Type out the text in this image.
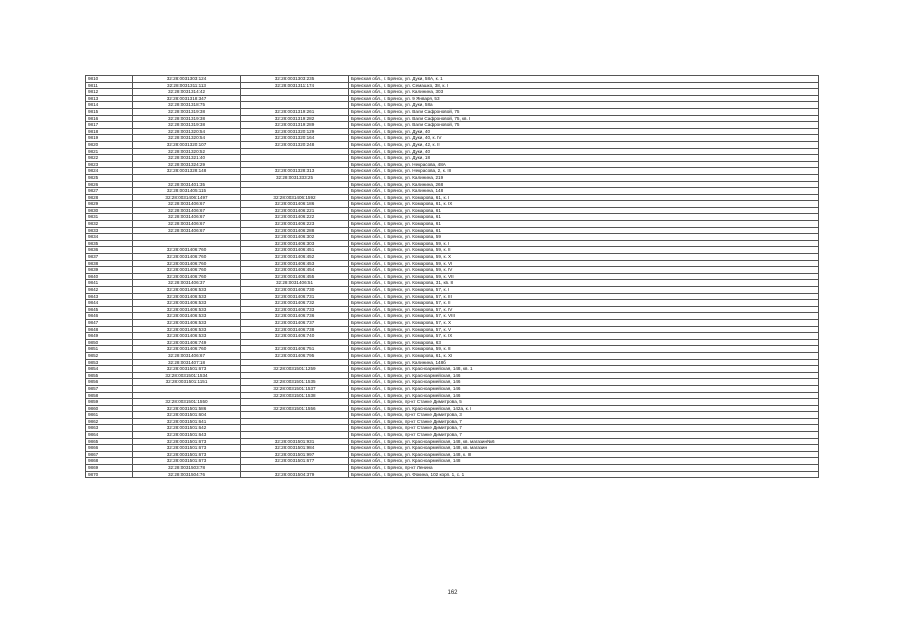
9810	32:28:0031303:124	32:28:0031303:235	Брянская обл., г. Брянск, ул. Дуки, 58А, к. 1
9811	32:28:0031311:113	32:28:0031311:174	Брянская обл., г. Брянск, ул. Семашко, 38, к. I
9812	32:28:0031314:42		Брянская обл., г. Брянск, ул. Калинина, 303
9813	32:28:0031318:347		Брянская обл., г. Брянск, ул. 9 Января, 53
9814	32:28:0031318:75		Брянская обл., г. Брянск, ул. Дуки, 58а
9815	32:28:0031319:38	32:28:0031319:261	Брянская обл., г. Брянск, ул. Вали Сафроновой, 75
9816	32:28:0031319:38	32:28:0031319:282	Брянская обл., г. Брянск, ул. Вали Сафроновой, 75, кв. I
9817	32:28:0031319:38	32:28:0031319:289	Брянская обл., г. Брянск, ул. Вали Сафроновой, 75
9818	32:28:0031320:54	32:28:0031320:129	Брянская обл., г. Брянск, ул. Дуки, 40
9819	32:28:0031320:54	32:28:0031320:164	Брянская обл., г. Брянск, ул. Дуки, 40, к. IV
9820	32:28:0031320:107	32:28:0031320:248	Брянская обл., г. Брянск, ул. Дуки, 42, к. II
9821	32:28:0031320:52		Брянская обл., г. Брянск, ул. Дуки, 40
9822	32:28:0031321:40		Брянская обл., г. Брянск, ул. Дуки, 18
9823	32:28:0031324:29		Брянская обл., г. Брянск, ул. Некрасова, 48А
9824	32:28:0031328:148	32:28:0031328:313	Брянская обл., г. Брянск, ул. Некрасова, 2, к. III
9825		32:28:0031333:25	Брянская обл., г. Брянск, ул. Калинина, 219
9826	32:28:0031401:35		Брянская обл., г. Брянск, ул. Калинина, 268
9827	32:28:0031405:115		Брянская обл., г. Брянск, ул. Калинина, 148
9828	32:28:0031406:1497	32:28:0031406:1592	Брянская обл., г. Брянск, ул. Комарова, 61, к. I
9829	32:28:0031406:67	32:28:0031406:186	Брянская обл., г. Брянск, ул. Комарова, 61, к. IX
9830	32:28:0031406:67	32:28:0031406:221	Брянская обл., г. Брянск, ул. Комарова, 61
9831	32:28:0031406:67	32:28:0031406:222	Брянская обл., г. Брянск, ул. Комарова, 61
9832	32:28:0031406:67	32:28:0031406:223	Брянская обл., г. Брянск, ул. Комарова, 61
9833	32:28:0031406:67	32:28:0031406:288	Брянская обл., г. Брянск, ул. Комарова, 61
9834		32:28:0031406:302	Брянская обл., г. Брянск, ул. Комарова, 59
9835		32:28:0031406:303	Брянская обл., г. Брянск, ул. Комарова, 59, к. I
9836	32:28:0031406:760	32:28:0031406:451	Брянская обл., г. Брянск, ул. Комарова, 59, к. II
9837	32:28:0031406:760	32:28:0031406:452	Брянская обл., г. Брянск, ул. Комарова, 59, к. X
9838	32:28:0031406:760	32:28:0031406:453	Брянская обл., г. Брянск, ул. Комарова, 59, к. VI
9839	32:28:0031406:760	32:28:0031406:454	Брянская обл., г. Брянск, ул. Комарова, 59, к. IV
9840	32:28:0031406:760	32:28:0031406:455	Брянская обл., г. Брянск, ул. Комарова, 59, к. VII
9841	32:28:0031406:37	32:28:0031406:51	Брянская обл., г. Брянск, ул. Комарова, 31, кв. 8
9842	32:28:0031406:533	32:28:0031406:730	Брянская обл., г. Брянск, ул. Комарова, 57, к. I
9843	32:28:0031406:533	32:28:0031406:731	Брянская обл., г. Брянск, ул. Комарова, 57, к. III
9844	32:28:0031406:533	32:28:0031406:732	Брянская обл., г. Брянск, ул. Комарова, 57, к. II
9845	32:28:0031406:533	32:28:0031406:733	Брянская обл., г. Брянск, ул. Комарова, 57, к. IV
9846	32:28:0031406:533	32:28:0031406:736	Брянская обл., г. Брянск, ул. Комарова, 57, к. VIII
9847	32:28:0031406:533	32:28:0031406:737	Брянская обл., г. Брянск, ул. Комарова, 57, к. X
9848	32:28:0031406:533	32:28:0031406:738	Брянская обл., г. Брянск, ул. Комарова, 57, к. V
9849	32:28:0031406:533	32:28:0031406:740	Брянская обл., г. Брянск, ул. Комарова, 57, к. IX
9850	32:28:0031406:749		Брянская обл., г. Брянск, ул. Комарова, 63
9851	32:28:0031406:760	32:28:0031406:751	Брянская обл., г. Брянск, ул. Комарова, 59, к. 8
9852	32:28:0031406:67	32:28:0031406:795	Брянская обл., г. Брянск, ул. Комарова, 61, к. XI
9853	32:28:0031407:18		Брянская обл., г. Брянск, ул. Калинина, 148б
9854	32:28:0031501:673	32:28:0031501:1259	Брянская обл., г. Брянск, ул. Красноармейская, 148, кв. 1
9855	32:28:0031501:1534		Брянская обл., г. Брянск, ул. Красноармейская, 146
9856	32:28:0031501:1151	32:28:0031501:1535	Брянская обл., г. Брянск, ул. Красноармейская, 146
9857		32:28:0031501:1537	Брянская обл., г. Брянск, ул. Красноармейская, 146
9858		32:28:0031501:1538	Брянская обл., г. Брянск, ул. Красноармейская, 146
9859	32:28:0031501:1550		Брянская обл., г. Брянск, пр-кт Станке Димитрова, 5
9860	32:28:0031501:586	32:28:0031501:1556	Брянская обл., г. Брянск, ул. Красноармейская, 142а, к. I
9861	32:28:0031501:604		Брянская обл., г. Брянск, пр-кт Станке Димитрова, 3
9862	32:28:0031501:641		Брянская обл., г. Брянск, пр-кт Станке Димитрова, 7
9863	32:28:0031501:642		Брянская обл., г. Брянск, пр-кт Станке Димитрова, 7
9864	32:28:0031501:643		Брянская обл., г. Брянск, пр-кт Станке Димитрова, 7
9865	32:28:0031501:673	32:28:0031501:931	Брянская обл., г. Брянск, ул. Красноармейская, 148, кв. магазин№6
9866	32:28:0031501:673	32:28:0031501:984	Брянская обл., г. Брянск, ул. Красноармейская, 148, кв. магазин
9867	32:28:0031501:673	32:28:0031501:997	Брянская обл., г. Брянск, ул. Красноармейская, 148, к. III
9868	32:28:0031501:673	32:28:0031501:677	Брянская обл., г. Брянск, ул. Красноармейская, 148
9869	32:28:0031503:78		Брянская обл., г. Брянск, пр-кт Ленина
9870	32:28:0031504:76	32:28:0031504:379	Брянская обл., г. Брянск, ул. Фокина, 102 корп. 1, с. 1
162
